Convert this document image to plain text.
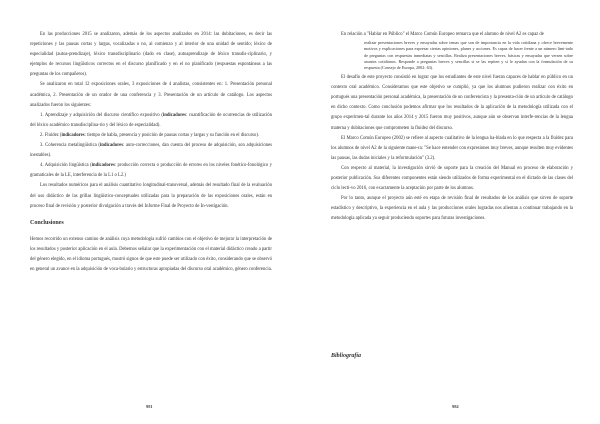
En las producciones 2015 se analizaron, además de los aspectos analizados en 2014: las dubitaciones, es decir las repeticiones y las pausas cortas y largas, vocalizadas o no, al comienzo y al interior de una unidad de sentido; léxico de especialidad (autoa-prendizaje), léxico transdisciplinario (dado en clase), autoaprendizaje de léxico transdis-ciplinario, y ejemplos de recursos lingüísticos correctos en el discurso planificado y en el no planificado (respuestas espontáneas a las preguntas de los compañeros).

Se analizaron en total 12 exposiciones orales, 3 exposiciones de 4 analistas, consistentes en: 1. Presentación personal académica, 2. Presentación de un orador de una conferencia y 3. Presentación de un artículo de catálogo. Los aspectos analizados fueron los siguientes:

1. Aprendizaje y adquisición del discurso científico expositivo (indicadores: cuantificación de ocurrencias de utilización del léxico académico transdisciplina-rio y del léxico de especialidad).

2. Fluidez (indicadores: tiempo de habla, presencia y posición de pausas cortas y largas y su función en el discurso).

3. Coherencia metalingüística (indicadores: auto-correcciones, dan cuenta del proceso de adquisición, son adquisiciones inestables).

4. Adquisición lingüística (indicadores: producción correcta o producción de errores en los niveles fonético-fonológico y gramaticales de la LE, interferencia de la L1 o L2.)

Los resultados numéricos para el análisis cuantitativo longitudinal-transversal, además del resultado final de la evaluación del uso didáctico de las grillas lingüístico-conceptuales utilizadas para la preparación de las exposiciones orales, están en proceso final de revisión y posterior divulgación a través del Informe Final de Proyecto de In-vestigación.

Conclusiones

Hemos recorrido un extenso camino de análisis cuya metodología sufrió cambios con el objetivo de mejorar la interpretación de los resultados y posterior aplicación en el aula. Debemos señalar que la experimentación con el material didáctico creado a partir del género elegido, en el idioma portugués, mostró signos de que este puede ser utilizado con éxito, considerando que se observó en general un avance en la adquisición de voca-bulario y estructuras apropiadas del discurso oral académico, género conferencia.

981

En relación a "Hablar en Público" el Marco Común Europeo remarca que el alumno de nivel A2 es capaz de

realizar presentaciones breves y ensayadas sobre temas que son de importancia en la vida cotidiana y ofrece brevemente motivos y explicaciones para expresar ciertas opiniones, planes y acciones. Es capaz de hacer frente a un número limi-tado de preguntas con respuestas inmediatas y sencillas. Realiza presentaciones breves, básicas y ensayadas que versen sobre asuntos cotidianos. Responde a preguntas breves y sencillas si se las repiten y si le ayudan con la formulación de su respuesta (Consejo de Europa, 2002: 63).

El desafío de este proyecto consistió en lograr que los estudiantes de este nivel fueran capaces de hablar en público en un contexto oral académico. Consideramos que este objetivo se cumplió, ya que los alumnos pudieron realizar con éxito en portugués una presentación personal académica, la presentación de un conferencista y la presenta-ción de un artículo de catálogo en dicho contexto. Como conclusión podemos afirmar que los resultados de la aplicación de la metodología utilizada con el grupo experimen-tal durante los años 2014 y 2015 fueron muy positivos, aunque aún se observan interfe-rencias de la lengua materna y dubitaciones que comprometen la fluidez del discurso.

El Marco Común Europeo (2002) se refiere al aspecto cualitativo de la lengua ha-blada en lo que respecta a la fluidez para los alumnos de nivel A2 de la siguiente mane-ra: "Se hace entender con expresiones muy breves, aunque resulten muy evidentes las pausas, las dudas iniciales y la reformulación" (3.2).

Con respecto al material, la investigación sirvió de soporte para la creación del Manual en proceso de elaboración y posterior publicación. Sus diferentes componentes están siendo utilizados de forma experimental en el dictado de las clases del ciclo lecti-vo 2016, con exactamente la aceptación por parte de los alumnos.

Por lo tanto, aunque el proyecto aún esté en etapa de revisión final de resultados de los análisis que sirven de soporte estadístico y descriptivo, la experiencia en el aula y las producciones orales logradas nos alientan a continuar trabajando en la metodología aplicada ya seguir produciendo soportes para futuras investigaciones.

Bibliografía
984
